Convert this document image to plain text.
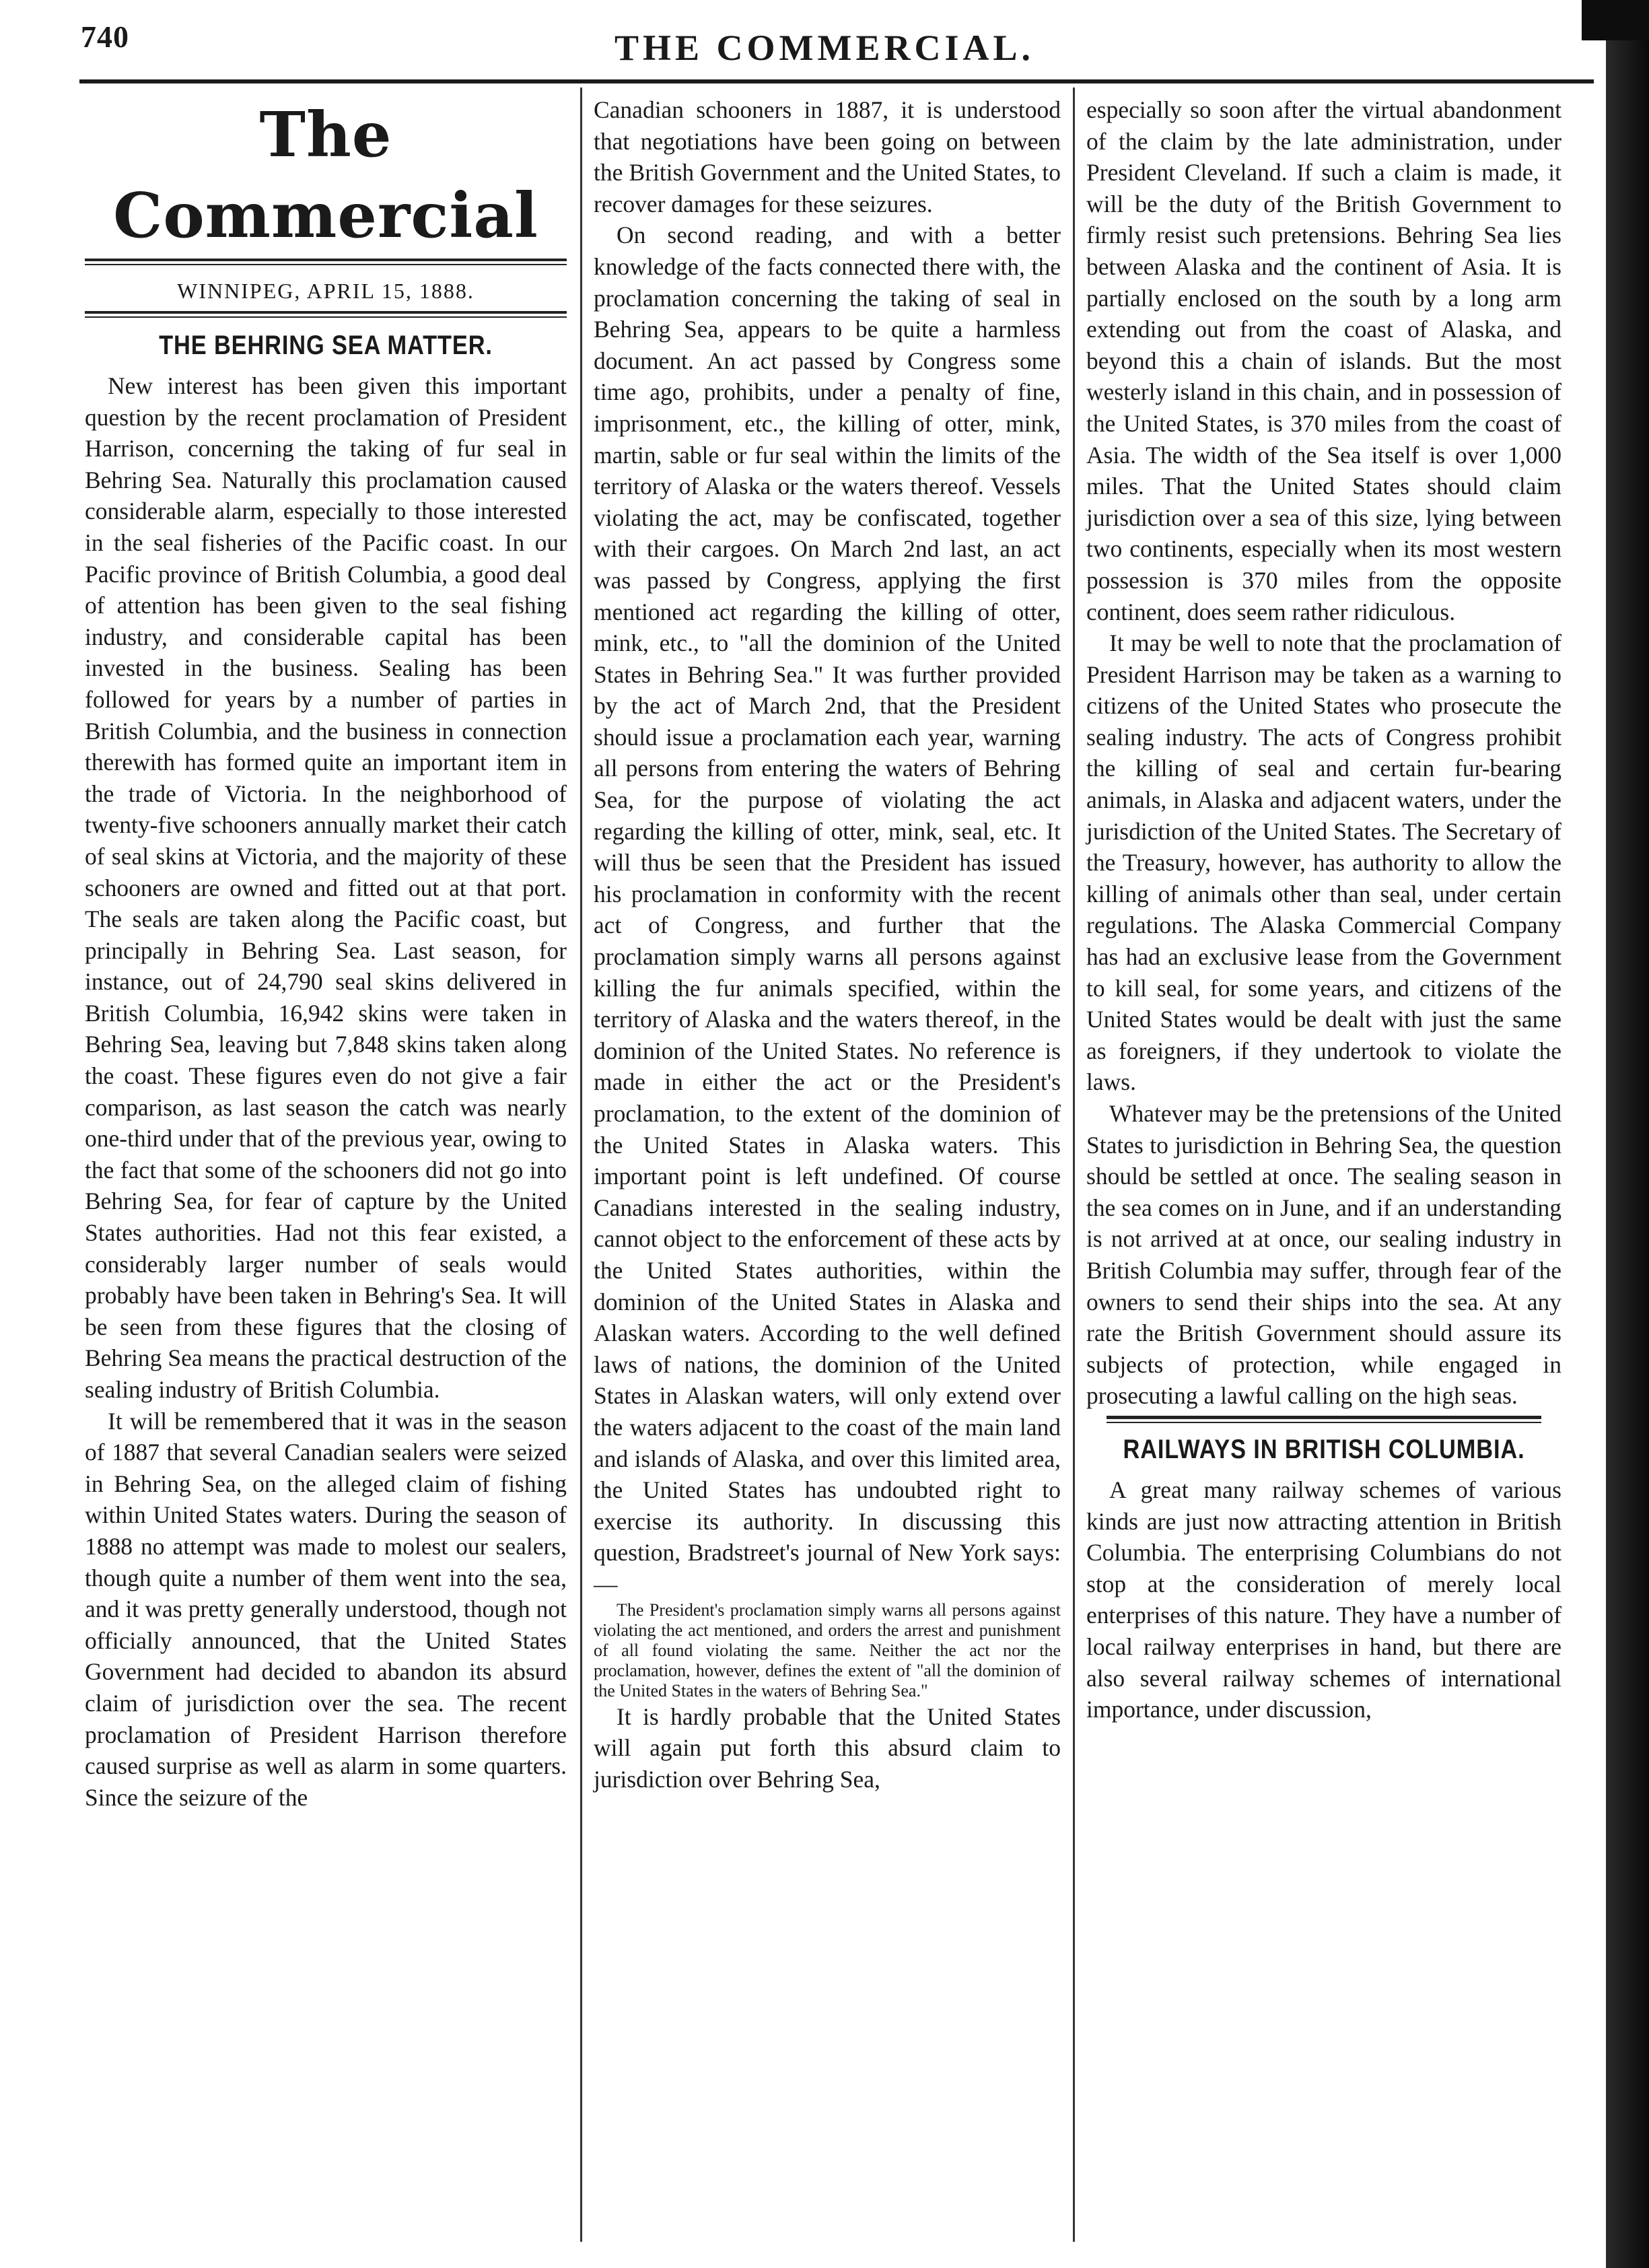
740	THE COMMERCIAL.
The Commercial
WINNIPEG, APRIL 15, 1888.
THE BEHRING SEA MATTER.

New interest has been given this important question by the recent proclamation of President Harrison, concerning the taking of fur seal in Behring Sea. Naturally this proclamation caused considerable alarm, especially to those interested in the seal fisheries of the Pacific coast. In our Pacific province of British Columbia, a good deal of attention has been given to the seal fishing industry, and considerable capital has been invested in the business. Sealing has been followed for years by a number of parties in British Columbia, and the business in connection therewith has formed quite an important item in the trade of Victoria. In the neighborhood of twenty-five schooners annually market their catch of seal skins at Victoria, and the majority of these schooners are owned and fitted out at that port. The seals are taken along the Pacific coast, but principally in Behring Sea. Last season, for instance, out of 24,790 seal skins delivered in British Columbia, 16,942 skins were taken in Behring Sea, leaving but 7,848 skins taken along the coast. These figures even do not give a fair comparison, as last season the catch was nearly one-third under that of the previous year, owing to the fact that some of the schooners did not go into Behring Sea, for fear of capture by the United States authorities. Had not this fear existed, a considerably larger number of seals would probably have been taken in Behring's Sea. It will be seen from these figures that the closing of Behring Sea means the practical destruction of the sealing industry of British Columbia.

It will be remembered that it was in the season of 1887 that several Canadian sealers were seized in Behring Sea, on the alleged claim of fishing within United States waters. During the season of 1888 no attempt was made to molest our sealers, though quite a number of them went into the sea, and it was pretty generally understood, though not officially announced, that the United States Government had decided to abandon its absurd claim of jurisdiction over the sea. The recent proclamation of President Harrison therefore caused surprise as well as alarm in some quarters. Since the seizure of the

Canadian schooners in 1887, it is understood that negotiations have been going on between the British Government and the United States, to recover damages for these seizures.

On second reading, and with a better knowledge of the facts connected there with, the proclamation concerning the taking of seal in Behring Sea, appears to be quite a harmless document. An act passed by Congress some time ago, prohibits, under a penalty of fine, imprisonment, etc., the killing of otter, mink, martin, sable or fur seal within the limits of the territory of Alaska or the waters thereof. Vessels violating the act, may be confiscated, together with their cargoes. On March 2nd last, an act was passed by Congress, applying the first mentioned act regarding the killing of otter, mink, etc., to "all the dominion of the United States in Behring Sea." It was further provided by the act of March 2nd, that the President should issue a proclamation each year, warning all persons from entering the waters of Behring Sea, for the purpose of violating the act regarding the killing of otter, mink, seal, etc. It will thus be seen that the President has issued his proclamation in conformity with the recent act of Congress, and further that the proclamation simply warns all persons against killing the fur animals specified, within the territory of Alaska and the waters thereof, in the dominion of the United States. No reference is made in either the act or the President's proclamation, to the extent of the dominion of the United States in Alaska waters. This important point is left undefined. Of course Canadians interested in the sealing industry, cannot object to the enforcement of these acts by the United States authorities, within the dominion of the United States in Alaska and Alaskan waters. According to the well defined laws of nations, the dominion of the United States in Alaskan waters, will only extend over the waters adjacent to the coast of the main land and islands of Alaska, and over this limited area, the United States has undoubted right to exercise its authority. In discussing this question, Bradstreet's journal of New York says:—

The President's proclamation simply warns all persons against violating the act mentioned, and orders the arrest and punishment of all found violating the same. Neither the act nor the proclamation, however, defines the extent of "all the dominion of the United States in the waters of Behring Sea."

It is hardly probable that the United States will again put forth this absurd claim to jurisdiction over Behring Sea,

especially so soon after the virtual abandonment of the claim by the late administration, under President Cleveland. If such a claim is made, it will be the duty of the British Government to firmly resist such pretensions. Behring Sea lies between Alaska and the continent of Asia. It is partially enclosed on the south by a long arm extending out from the coast of Alaska, and beyond this a chain of islands. But the most westerly island in this chain, and in possession of the United States, is 370 miles from the coast of Asia. The width of the Sea itself is over 1,000 miles. That the United States should claim jurisdiction over a sea of this size, lying between two continents, especially when its most western possession is 370 miles from the opposite continent, does seem rather ridiculous.

It may be well to note that the proclamation of President Harrison may be taken as a warning to citizens of the United States who prosecute the sealing industry. The acts of Congress prohibit the killing of seal and certain fur-bearing animals, in Alaska and adjacent waters, under the jurisdiction of the United States. The Secretary of the Treasury, however, has authority to allow the killing of animals other than seal, under certain regulations. The Alaska Commercial Company has had an exclusive lease from the Government to kill seal, for some years, and citizens of the United States would be dealt with just the same as foreigners, if they undertook to violate the laws.

Whatever may be the pretensions of the United States to jurisdiction in Behring Sea, the question should be settled at once. The sealing season in the sea comes on in June, and if an understanding is not arrived at at once, our sealing industry in British Columbia may suffer, through fear of the owners to send their ships into the sea. At any rate the British Government should assure its subjects of protection, while engaged in prosecuting a lawful calling on the high seas.

RAILWAYS IN BRITISH COLUMBIA.

A great many railway schemes of various kinds are just now attracting attention in British Columbia. The enterprising Columbians do not stop at the consideration of merely local enterprises of this nature. They have a number of local railway enterprises in hand, but there are also several railway schemes of international importance, under discussion,
